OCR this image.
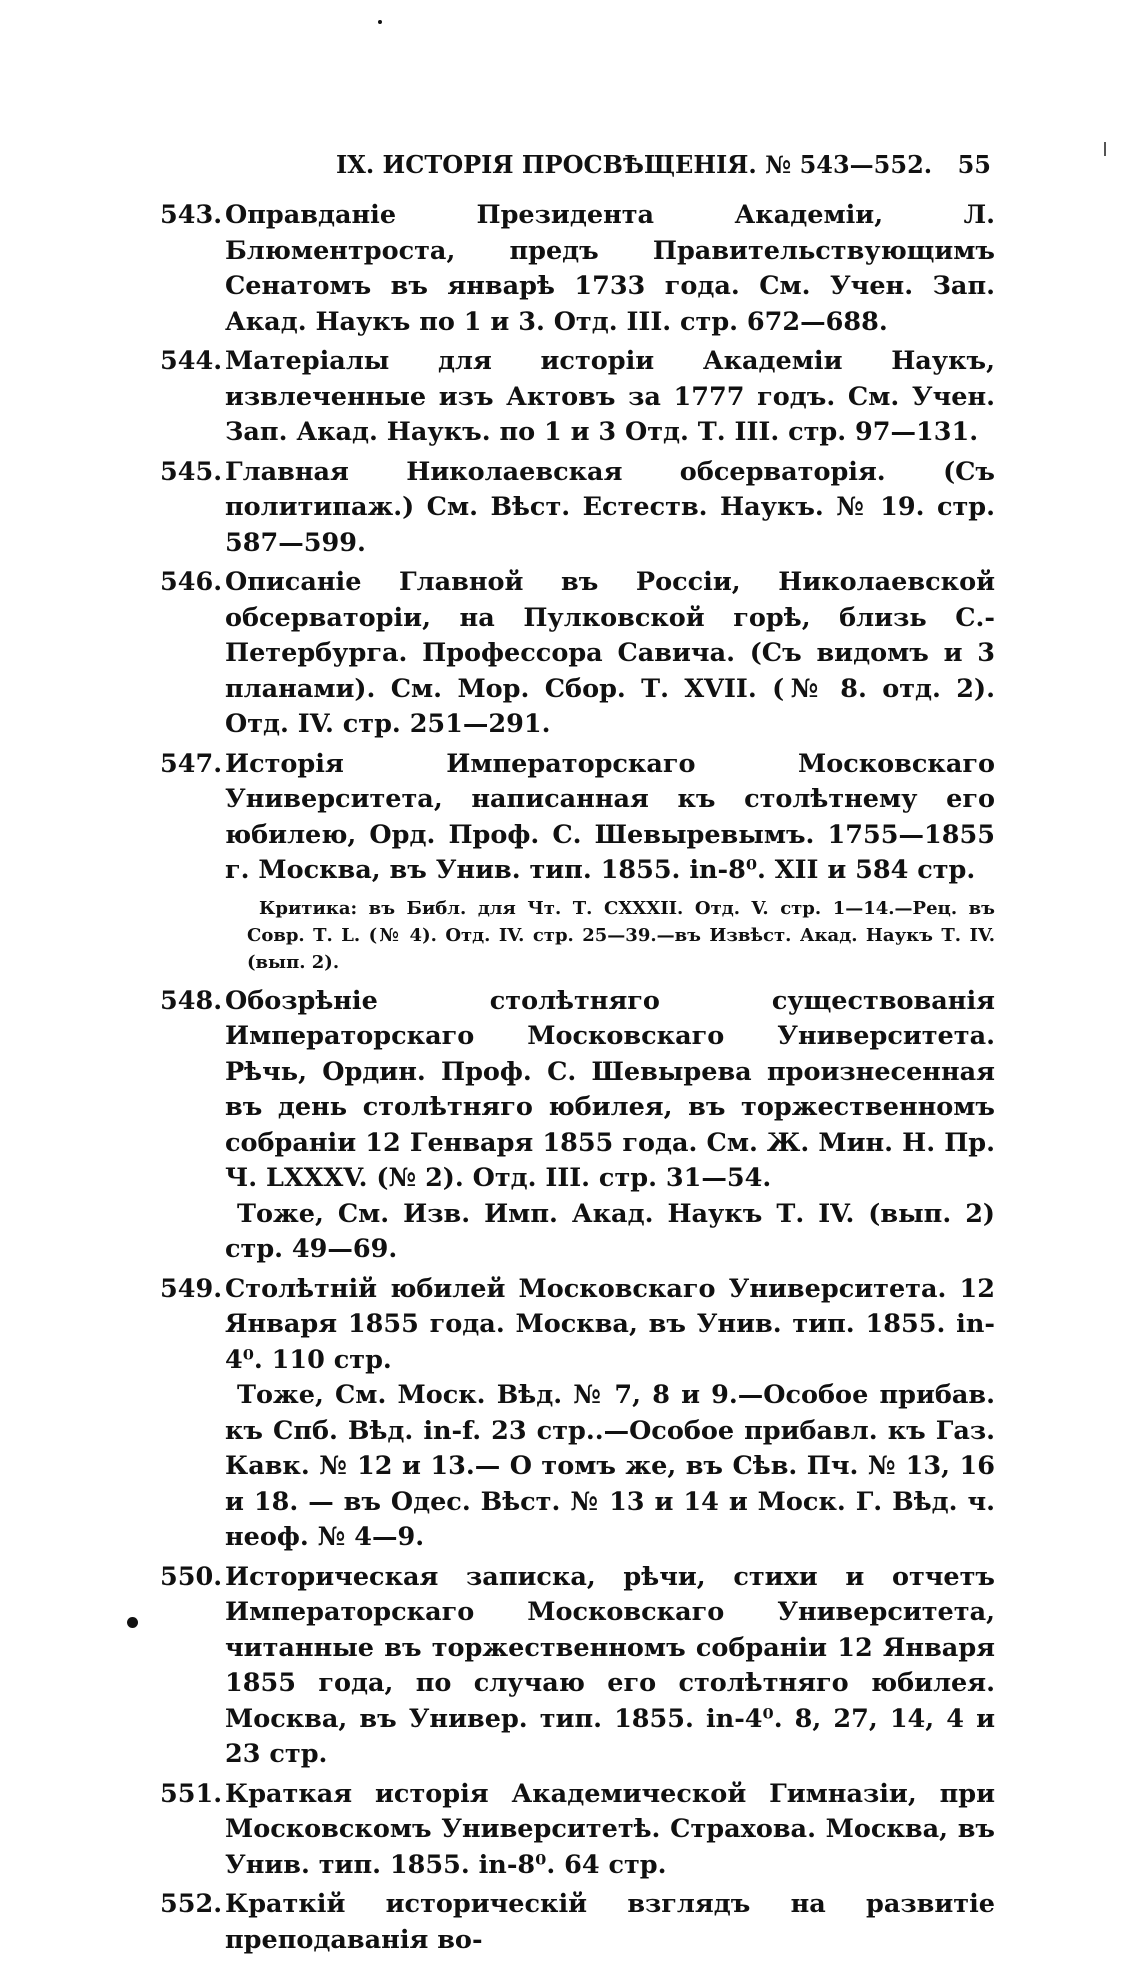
IX. ИСТОРІЯ ПРОСВѢЩЕНІЯ. № 543—552. 55
543. Оправданіе Президента Академіи, Л. Блюментроста, предъ Правительствующимъ Сенатомъ въ январѣ 1733 года. См. Учен. Зап. Акад. Наукъ по 1 и 3. Отд. III. стр. 672—688.
544. Матеріалы для исторіи Академіи Наукъ, извлеченные изъ Актовъ за 1777 годъ. См. Учен. Зап. Акад. Наукъ. по 1 и 3 Отд. Т. III. стр. 97—131.
545. Главная Николаевская обсерваторія. (Съ политипаж.) См. Вѣст. Естеств. Наукъ. № 19. стр. 587—599.
546. Описаніе Главной въ Россіи, Николаевской обсерваторіи, на Пулковской горѣ, близь С.-Петербурга. Профессора Савича. (Съ видомъ и 3 планами). См. Мор. Сбор. Т. XVII. (№ 8. отд. 2). Отд. IV. стр. 251—291.
547. Исторія Императорскаго Московскаго Университета, написанная къ столѣтнему его юбилею, Орд. Проф. С. Шевыревымъ. 1755—1855 г. Москва, въ Унив. тип. 1855. in-8⁰. XII и 584 стр.
Критика: въ Библ. для Чт. Т. CXXXII. Отд. V. стр. 1—14.—Рец. въ Совр. Т. L. (№ 4). Отд. IV. стр. 25—39.—въ Извѣст. Акад. Наукъ Т. IV. (вып. 2).
548. Обозрѣніе столѣтняго существованія Императорскаго Московскаго Университета. Рѣчь, Ордин. Проф. С. Шевырева произнесенная въ день столѣтняго юбилея, въ торжественномъ собраніи 12 Генваря 1855 года. См. Ж. Мин. Н. Пр. Ч. LXXXV. (№ 2). Отд. III. стр. 31—54.
Тоже, См. Изв. Имп. Акад. Наукъ Т. IV. (вып. 2) стр. 49—69.
549. Столѣтній юбилей Московскаго Университета. 12 Января 1855 года. Москва, въ Унив. тип. 1855. in-4⁰. 110 стр.
Тоже, См. Моск. Вѣд. № 7, 8 и 9.—Особое прибав. къ Спб. Вѣд. in-f. 23 стр..—Особое прибавл. къ Газ. Кавк. № 12 и 13.— О томъ же, въ Сѣв. Пч. № 13, 16 и 18. — въ Одес. Вѣст. № 13 и 14 и Моск. Г. Вѣд. ч. неоф. № 4—9.
550. Историческая записка, рѣчи, стихи и отчетъ Императорскаго Московскаго Университета, читанные въ торжественномъ собраніи 12 Января 1855 года, по случаю его столѣтняго юбилея. Москва, въ Универ. тип. 1855. in-4⁰. 8, 27, 14, 4 и 23 стр.
551. Краткая исторія Академической Гимназіи, при Московскомъ Университетѣ. Страхова. Москва, въ Унив. тип. 1855. in-8⁰. 64 стр.
552. Краткій историческій взглядъ на развитіе преподаванія во-
